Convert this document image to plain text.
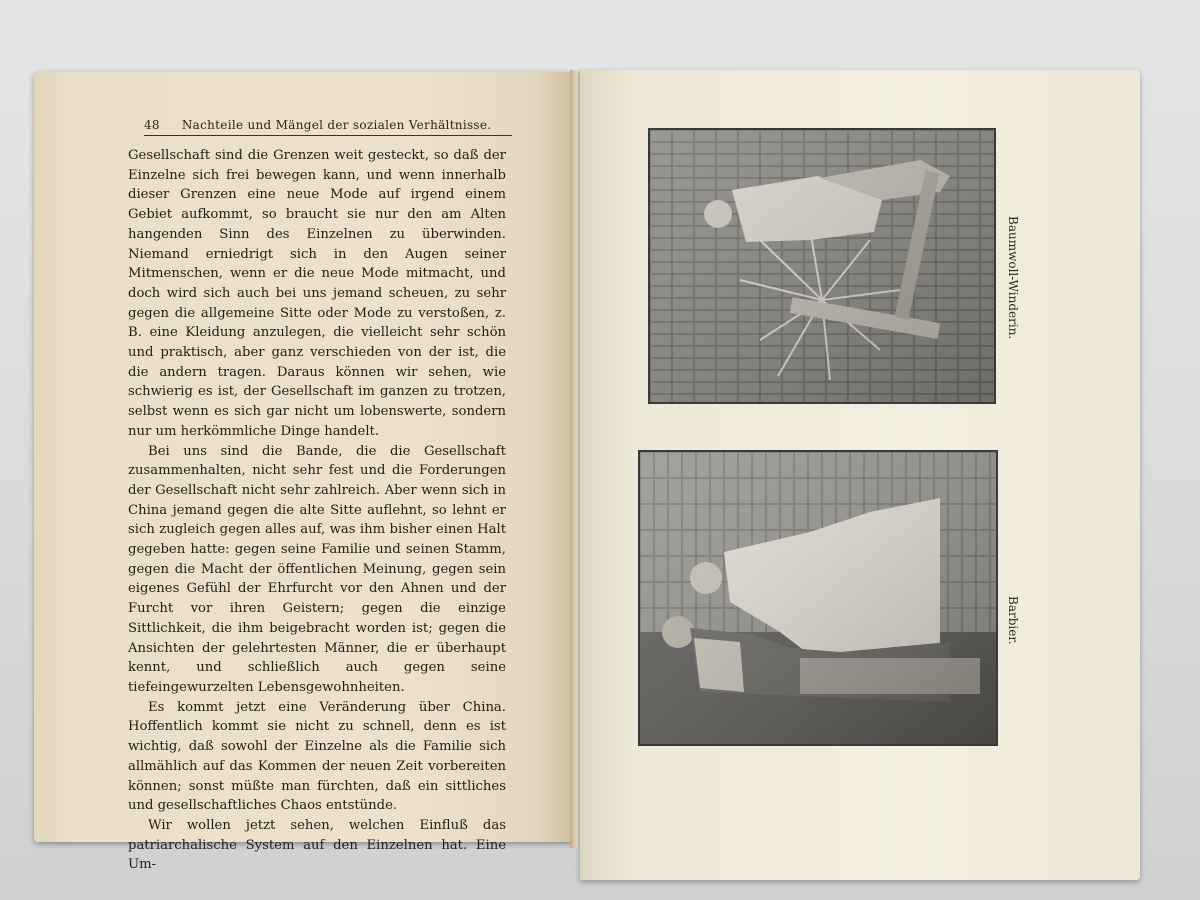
48 Nachteile und Mängel der sozialen Verhältnisse.

Gesellschaft sind die Grenzen weit gesteckt, so daß der Einzelne sich frei bewegen kann, und wenn innerhalb dieser Grenzen eine neue Mode auf irgend einem Gebiet aufkommt, so braucht sie nur den am Alten hangenden Sinn des Einzelnen zu überwinden. Niemand erniedrigt sich in den Augen seiner Mitmenschen, wenn er die neue Mode mitmacht, und doch wird sich auch bei uns jemand scheuen, zu sehr gegen die allgemeine Sitte oder Mode zu verstoßen, z. B. eine Kleidung anzulegen, die vielleicht sehr schön und praktisch, aber ganz verschieden von der ist, die die andern tragen. Daraus können wir sehen, wie schwierig es ist, der Gesellschaft im ganzen zu trotzen, selbst wenn es sich gar nicht um lobenswerte, sondern nur um herkömmliche Dinge handelt.

Bei uns sind die Bande, die die Gesellschaft zusammenhalten, nicht sehr fest und die Forderungen der Gesellschaft nicht sehr zahlreich. Aber wenn sich in China jemand gegen die alte Sitte auflehnt, so lehnt er sich zugleich gegen alles auf, was ihm bisher einen Halt gegeben hatte: gegen seine Familie und seinen Stamm, gegen die Macht der öffentlichen Meinung, gegen sein eigenes Gefühl der Ehrfurcht vor den Ahnen und der Furcht vor ihren Geistern; gegen die einzige Sittlichkeit, die ihm beigebracht worden ist; gegen die Ansichten der gelehrtesten Männer, die er überhaupt kennt, und schließlich auch gegen seine tiefeingewurzelten Lebensgewohnheiten.

Es kommt jetzt eine Veränderung über China. Hoffentlich kommt sie nicht zu schnell, denn es ist wichtig, daß sowohl der Einzelne als die Familie sich allmählich auf das Kommen der neuen Zeit vorbereiten können; sonst müßte man fürchten, daß ein sittliches und gesellschaftliches Chaos entstünde.

Wir wollen jetzt sehen, welchen Einfluß das patriarchalische System auf den Einzelnen hat. Eine Um-

Baumwoll-Winderin.
Barbier.
